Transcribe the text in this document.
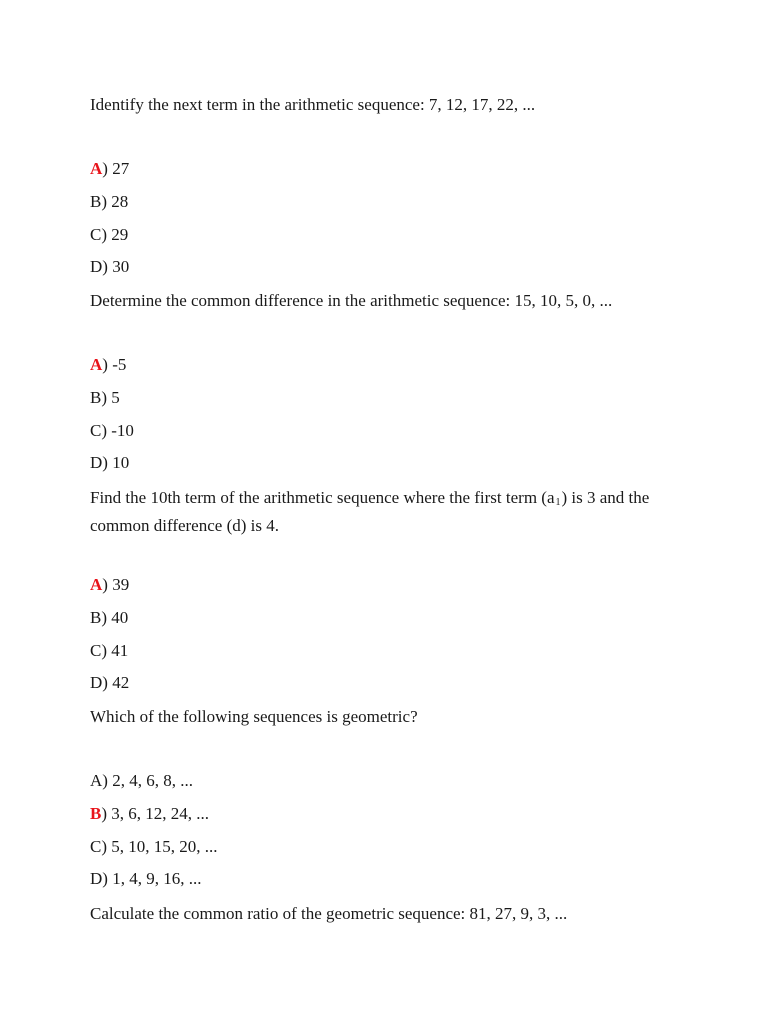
Identify the next term in the arithmetic sequence: 7, 12, 17, 22, ...
A) 27
B) 28
C) 29
D) 30
Determine the common difference in the arithmetic sequence: 15, 10, 5, 0, ...
A) -5
B) 5
C) -10
D) 10
Find the 10th term of the arithmetic sequence where the first term $(a_1)$ is 3 and the common difference (d) is 4.
A) 39
B) 40
C) 41
D) 42
Which of the following sequences is geometric?
A) 2, 4, 6, 8, ...
B) 3, 6, 12, 24, ...
C) 5, 10, 15, 20, ...
D) 1, 4, 9, 16, ...
Calculate the common ratio of the geometric sequence: 81, 27, 9, 3, ...
